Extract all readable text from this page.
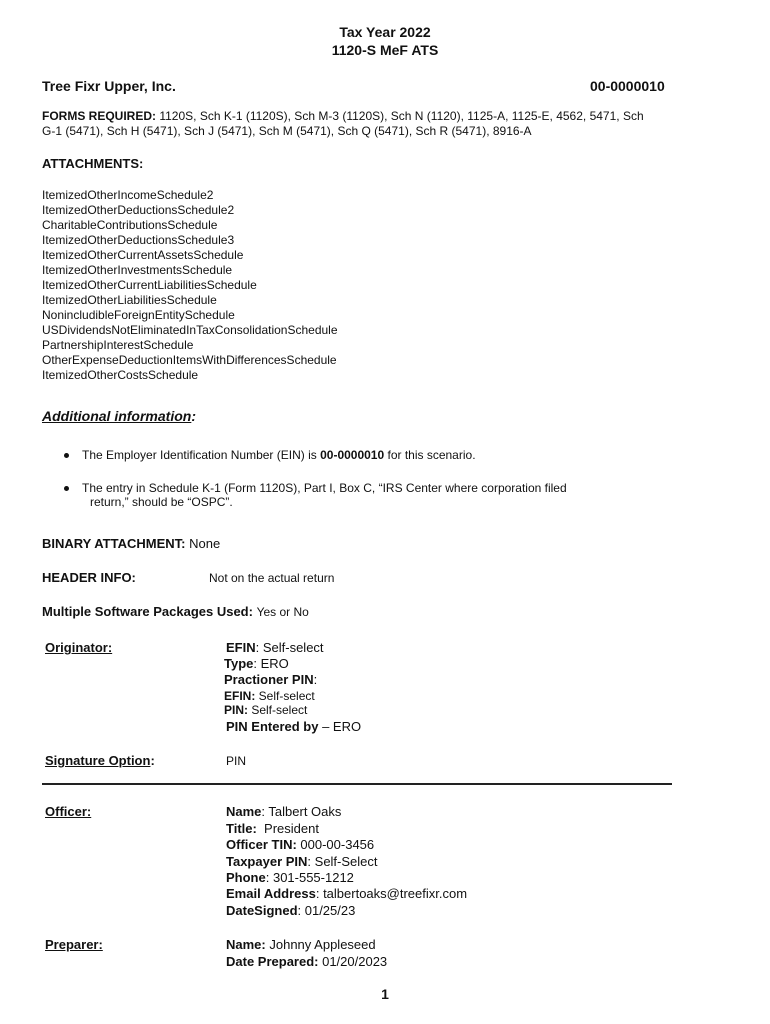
Tax Year 2022
1120-S MeF ATS
Tree Fixr Upper, Inc.	00-0000010
FORMS REQUIRED: 1120S, Sch K-1 (1120S), Sch M-3 (1120S), Sch N (1120), 1125-A, 1125-E, 4562, 5471, Sch
G-1 (5471), Sch H (5471), Sch J (5471), Sch M (5471), Sch Q (5471), Sch R (5471), 8916-A
ATTACHMENTS:
ItemizedOtherIncomeSchedule2
ItemizedOtherDeductionsSchedule2
CharitableContributionsSchedule
ItemizedOtherDeductionsSchedule3
ItemizedOtherCurrentAssetsSchedule
ItemizedOtherInvestmentsSchedule
ItemizedOtherCurrentLiabilitiesSchedule
ItemizedOtherLiabilitiesSchedule
NonincludibleForeignEntitySchedule
USDividendsNotEliminatedInTaxConsolidationSchedule
PartnershipInterestSchedule
OtherExpenseDeductionItemsWithDifferencesSchedule
ItemizedOtherCostsSchedule
Additional information:
The Employer Identification Number (EIN) is 00-0000010 for this scenario.
The entry in Schedule K-1 (Form 1120S), Part I, Box C, “IRS Center where corporation filed
return,” should be “OSPC”.
BINARY ATTACHMENT: None
HEADER INFO:	Not on the actual return
Multiple Software Packages Used: Yes or No
Originator:	EFIN: Self-select
Type: ERO
Practioner PIN:
EFIN: Self-select
PIN: Self-select
PIN Entered by – ERO
Signature Option:	PIN
Officer:	Name: Talbert Oaks
Title:  President
Officer TIN: 000-00-3456
Taxpayer PIN: Self-Select
Phone: 301-555-1212
Email Address: talbertoaks@treefixr.com
DateSigned: 01/25/23
Preparer:	Name: Johnny Appleseed
Date Prepared: 01/20/2023
1
